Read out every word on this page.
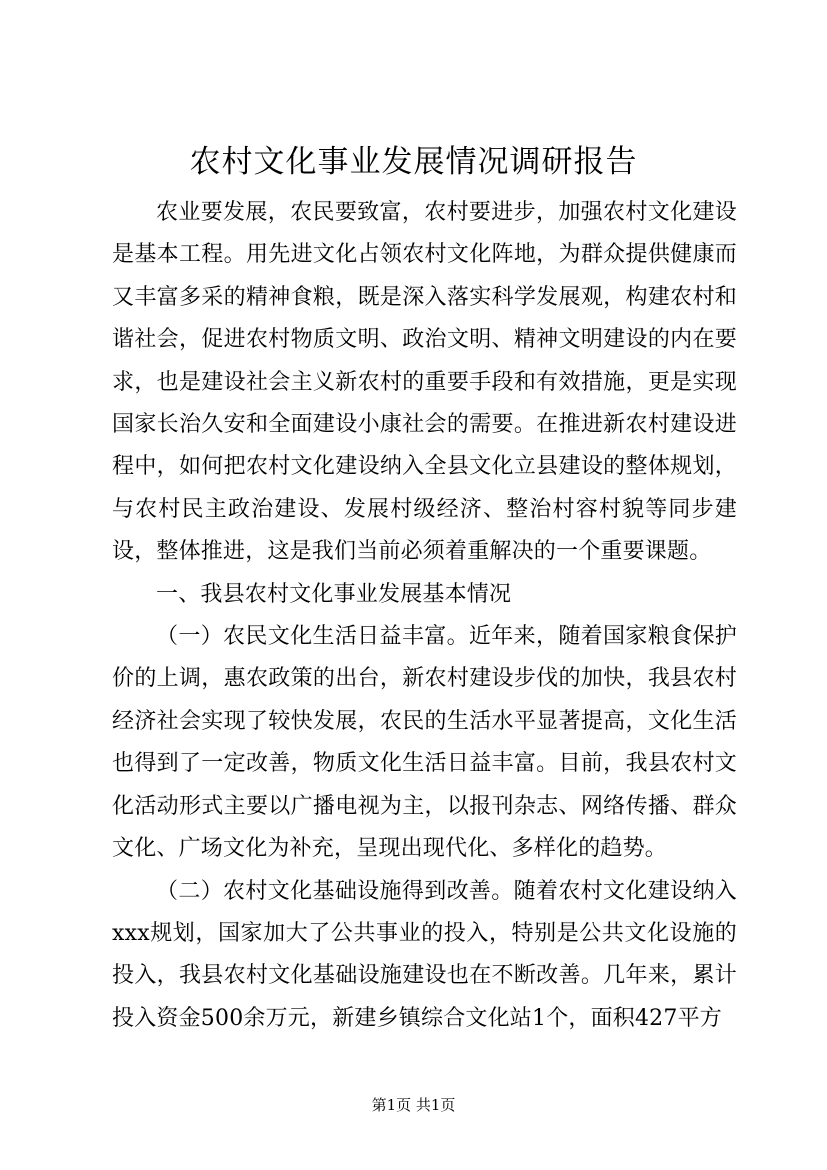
农村文化事业发展情况调研报告

农业要发展，农民要致富，农村要进步，加强农村文化建设是基本工程。用先进文化占领农村文化阵地，为群众提供健康而又丰富多采的精神食粮，既是深入落实科学发展观，构建农村和谐社会，促进农村物质文明、政治文明、精神文明建设的内在要求，也是建设社会主义新农村的重要手段和有效措施，更是实现国家长治久安和全面建设小康社会的需要。在推进新农村建设进程中，如何把农村文化建设纳入全县文化立县建设的整体规划，与农村民主政治建设、发展村级经济、整治村容村貌等同步建设，整体推进，这是我们当前必须着重解决的一个重要课题。

一、我县农村文化事业发展基本情况

（一）农民文化生活日益丰富。近年来，随着国家粮食保护价的上调，惠农政策的出台，新农村建设步伐的加快，我县农村经济社会实现了较快发展，农民的生活水平显著提高，文化生活也得到了一定改善，物质文化生活日益丰富。目前，我县农村文化活动形式主要以广播电视为主，以报刊杂志、网络传播、群众文化、广场文化为补充，呈现出现代化、多样化的趋势。

（二）农村文化基础设施得到改善。随着农村文化建设纳入xxx规划，国家加大了公共事业的投入，特别是公共文化设施的投入，我县农村文化基础设施建设也在不断改善。几年来，累计投入资金500余万元，新建乡镇综合文化站1个，面积427平方

第1页 共1页
